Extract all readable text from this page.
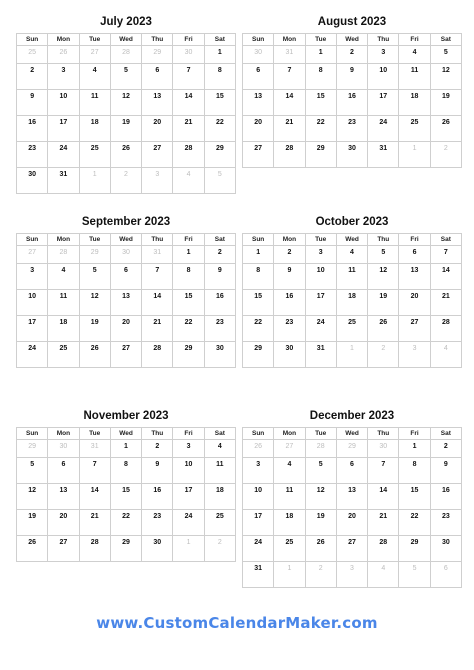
July 2023
Sun	Mon	Tue	Wed	Thu	Fri	Sat
25	26	27	28	29	30	1
2	3	4	5	6	7	8
9	10	11	12	13	14	15
16	17	18	19	20	21	22
23	24	25	26	27	28	29
30	31	1	2	3	4	5
August 2023
Sun	Mon	Tue	Wed	Thu	Fri	Sat
30	31	1	2	3	4	5
6	7	8	9	10	11	12
13	14	15	16	17	18	19
20	21	22	23	24	25	26
27	28	29	30	31	1	2
September 2023
Sun	Mon	Tue	Wed	Thu	Fri	Sat
27	28	29	30	31	1	2
3	4	5	6	7	8	9
10	11	12	13	14	15	16
17	18	19	20	21	22	23
24	25	26	27	28	29	30
October 2023
Sun	Mon	Tue	Wed	Thu	Fri	Sat
1	2	3	4	5	6	7
8	9	10	11	12	13	14
15	16	17	18	19	20	21
22	23	24	25	26	27	28
29	30	31	1	2	3	4
November 2023
Sun	Mon	Tue	Wed	Thu	Fri	Sat
29	30	31	1	2	3	4
5	6	7	8	9	10	11
12	13	14	15	16	17	18
19	20	21	22	23	24	25
26	27	28	29	30	1	2
December 2023
Sun	Mon	Tue	Wed	Thu	Fri	Sat
26	27	28	29	30	1	2
3	4	5	6	7	8	9
10	11	12	13	14	15	16
17	18	19	20	21	22	23
24	25	26	27	28	29	30
31	1	2	3	4	5	6
www.CustomCalendarMaker.com
